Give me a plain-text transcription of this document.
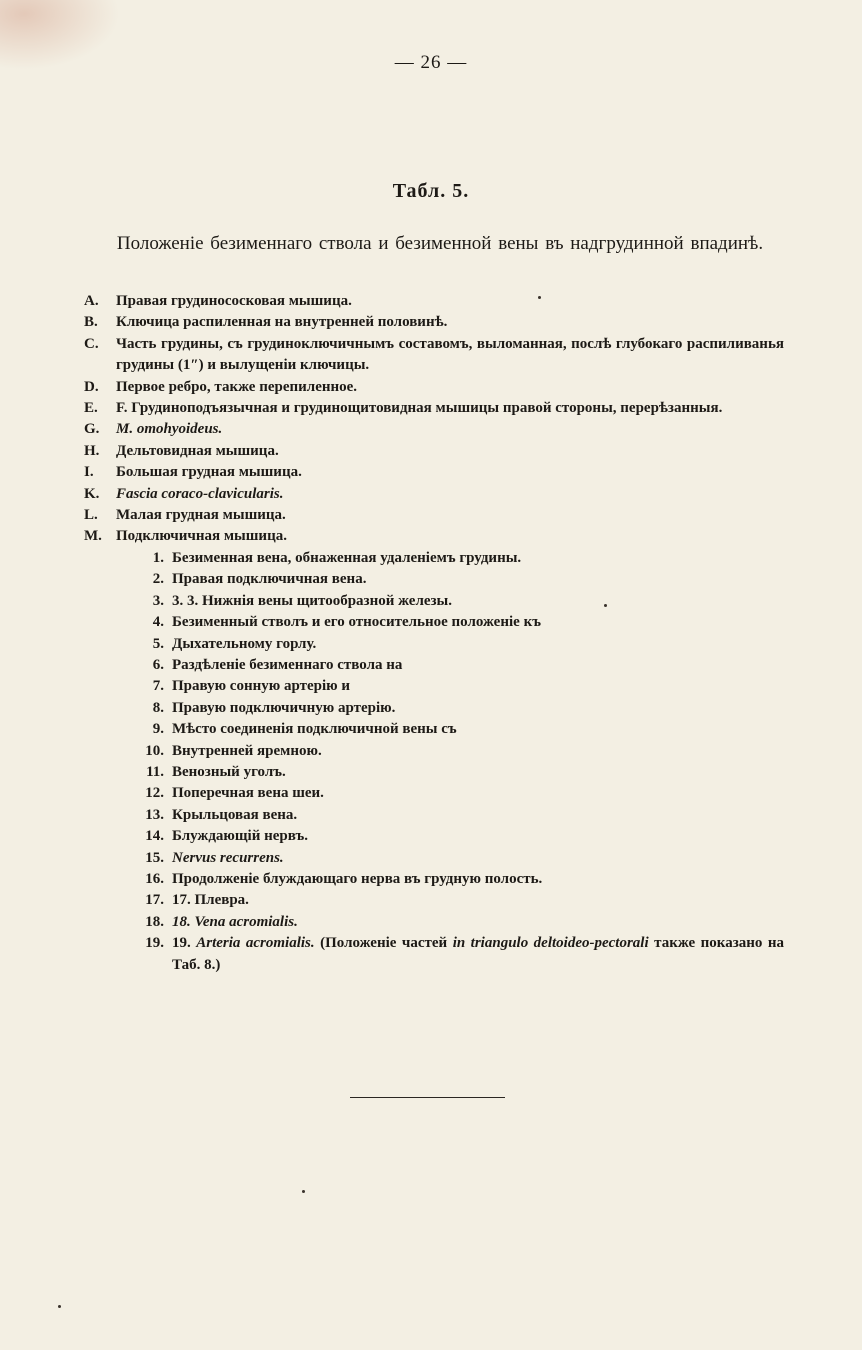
— 26 —
Табл. 5.
Положенiе безименнаго ствола и безименной вены въ надгрудинной впадинѣ.
A. Правая грудинососковая мышица.
B. Ключица распиленная на внутренней половинѣ.
C. Часть грудины, съ грудиноключичнымъ составомъ, выломанная, послѣ глубокаго распиливанья грудины (1″) и вылущенiи ключицы.
D. Первое ребро, также перепиленное.
E. F. Грудиноподъязычная и грудинощитовидная мышицы правой стороны, перерѣзанныя.
G. M. omohyoideus.
H. Дельтовидная мышица.
I. Большая грудная мышица.
K. Fascia coraco-clavicularis.
L. Малая грудная мышица.
M. Подключичная мышица.
1. Безименная вена, обнаженная удаленiемъ грудины.
2. Правая подключичная вена.
3. 3. 3. Нижнiя вены щитообразной железы.
4. Безименный стволъ и его относительное положенiе къ
5. Дыхательному горлу.
6. Раздѣленiе безименнаго ствола на
7. Правую сонную артерiю и
8. Правую подключичную артерiю.
9. Мѣсто соединенiя подключичной вены съ
10. Внутренней яремною.
11. Венозный уголъ.
12. Поперечная вена шеи.
13. Крыльцовая вена.
14. Блуждающiй нервъ.
15. Nervus recurrens.
16. Продолженiе блуждающаго нерва въ грудную полость.
17. 17. Плевра.
18. 18. Vena acromialis.
19. 19. Arteria acromialis. (Положенiе частей in triangulo deltoideo-pectorali также показано на Таб. 8.)
